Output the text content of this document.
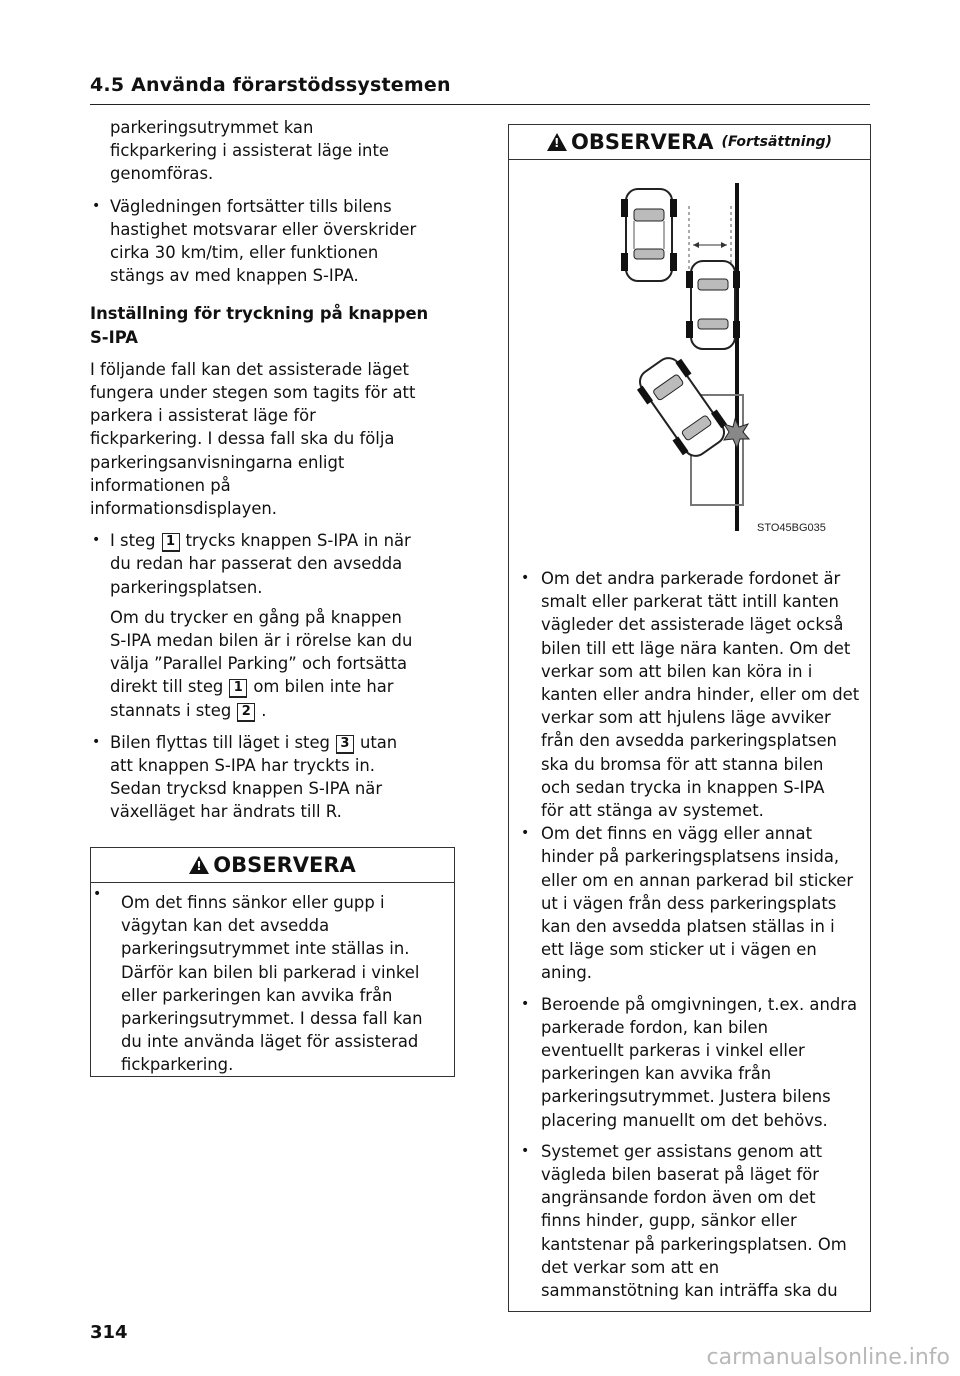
4.5 Använda förarstödssystemen

parkeringsutrymmet kan

fickparkering i assisterat läge inte

genomföras.

• Vägledningen fortsätter tills bilens

hastighet motsvarar eller överskrider

cirka 30 km/tim, eller funktionen

stängs av med knappen S-IPA.

Inställning för tryckning på knappen

S-IPA

I följande fall kan det assisterade läget

fungera under stegen som tagits för att

parkera i assisterat läge för

fickparkering. I dessa fall ska du följa

parkeringsanvisningarna enligt

informationen på

informationsdisplayen.

• I steg 1 trycks knappen S-IPA in när

du redan har passerat den avsedda

parkeringsplatsen.

Om du trycker en gång på knappen

S-IPA medan bilen är i rörelse kan du

välja ”Parallel Parking” och fortsätta

direkt till steg 1 om bilen inte har

stannats i steg 2 .

• Bilen flyttas till läget i steg 3 utan

att knappen S-IPA har tryckts in.

Sedan trycksd knappen S-IPA när

växelläget har ändrats till R.

!
OBSERVERA

• Om det finns sänkor eller gupp i

vägytan kan det avsedda

parkeringsutrymmet inte ställas in.

Därför kan bilen bli parkerad i vinkel

eller parkeringen kan avvika från

parkeringsutrymmet. I dessa fall kan

du inte använda läget för assisterad

fickparkering.

!
OBSERVERA (Fortsättning)
STO45BG035

• Om det andra parkerade fordonet är

smalt eller parkerat tätt intill kanten

vägleder det assisterade läget också

bilen till ett läge nära kanten. Om det

verkar som att bilen kan köra in i

kanten eller andra hinder, eller om det

verkar som att hjulens läge avviker

från den avsedda parkeringsplatsen

ska du bromsa för att stanna bilen

och sedan trycka in knappen S-IPA

för att stänga av systemet.

• Om det finns en vägg eller annat

hinder på parkeringsplatsens insida,

eller om en annan parkerad bil sticker

ut i vägen från dess parkeringsplats

kan den avsedda platsen ställas in i

ett läge som sticker ut i vägen en

aning.

• Beroende på omgivningen, t.ex. andra

parkerade fordon, kan bilen

eventuellt parkeras i vinkel eller

parkeringen kan avvika från

parkeringsutrymmet. Justera bilens

placering manuellt om det behövs.

• Systemet ger assistans genom att

vägleda bilen baserat på läget för

angränsande fordon även om det

finns hinder, gupp, sänkor eller

kantstenar på parkeringsplatsen. Om

det verkar som att en

sammanstötning kan inträffa ska du

314
carmanualsonline.info
